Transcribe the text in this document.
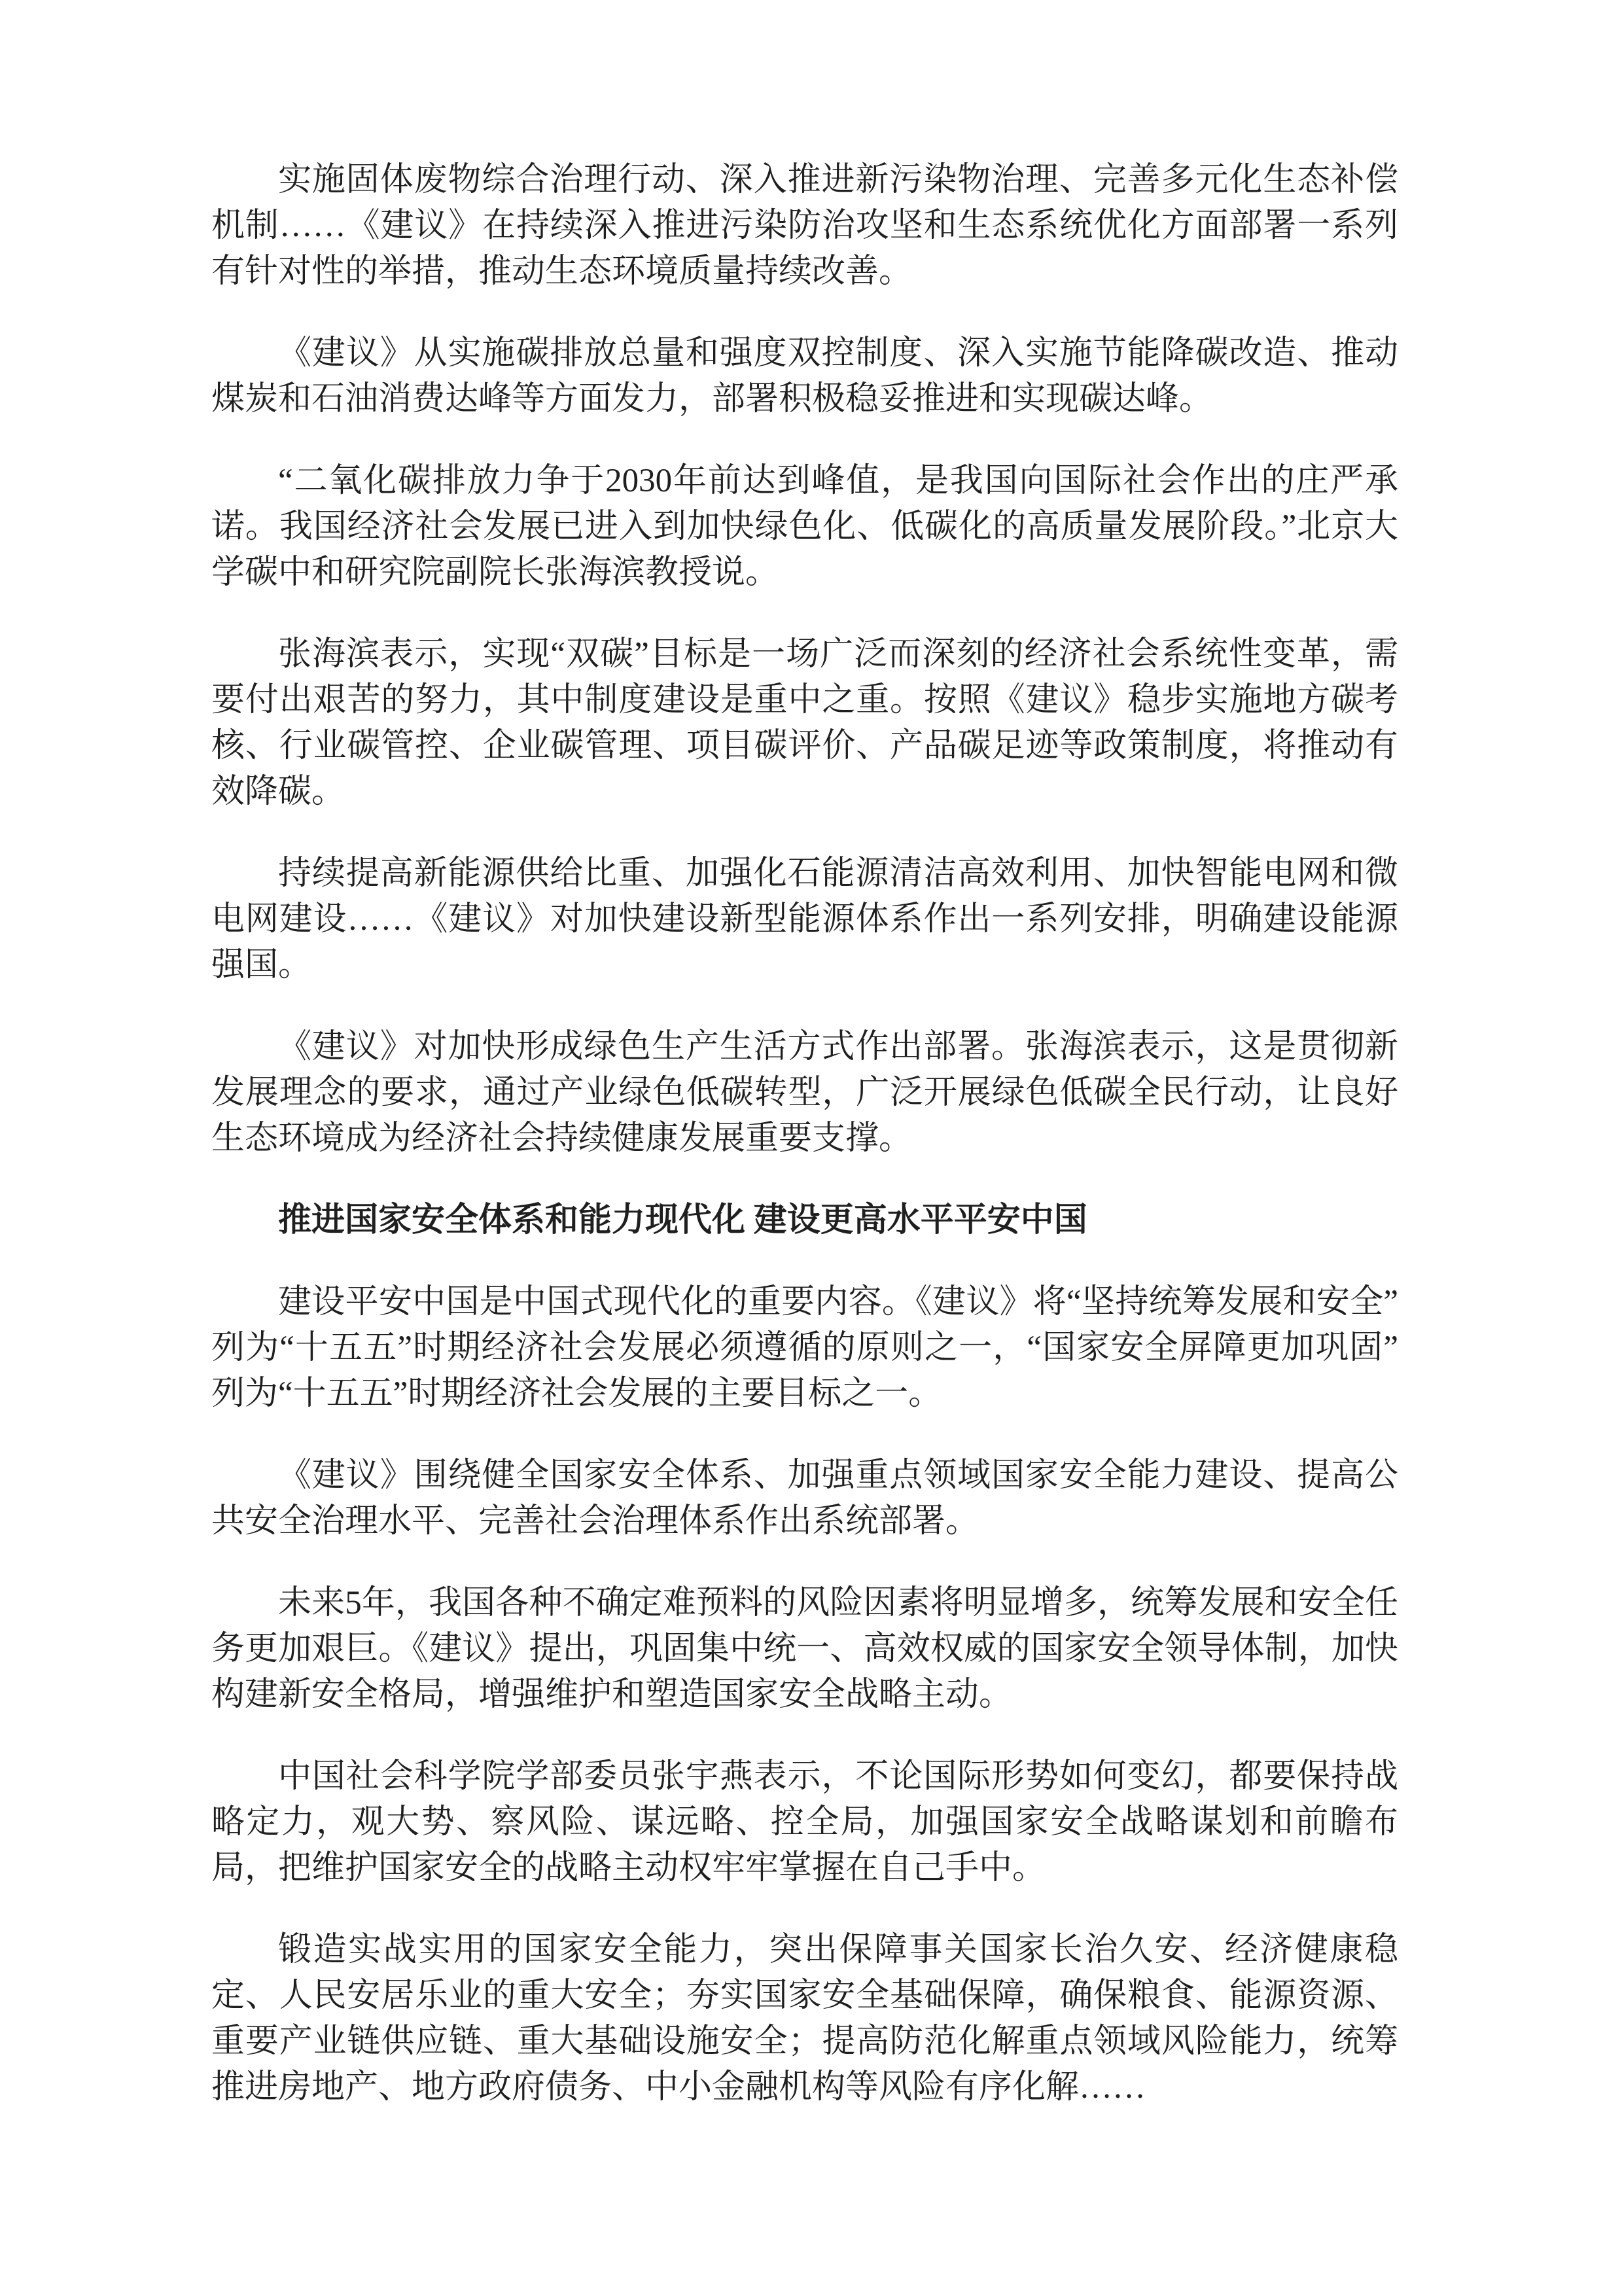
实施固体废物综合治理行动、深入推进新污染物治理、完善多元化生态补偿机制……《建议》在持续深入推进污染防治攻坚和生态系统优化方面部署一系列有针对性的举措，推动生态环境质量持续改善。

《建议》从实施碳排放总量和强度双控制度、深入实施节能降碳改造、推动煤炭和石油消费达峰等方面发力，部署积极稳妥推进和实现碳达峰。

“二氧化碳排放力争于2030年前达到峰值，是我国向国际社会作出的庄严承诺。我国经济社会发展已进入到加快绿色化、低碳化的高质量发展阶段。”北京大学碳中和研究院副院长张海滨教授说。

张海滨表示，实现“双碳”目标是一场广泛而深刻的经济社会系统性变革，需要付出艰苦的努力，其中制度建设是重中之重。按照《建议》稳步实施地方碳考核、行业碳管控、企业碳管理、项目碳评价、产品碳足迹等政策制度，将推动有效降碳。

持续提高新能源供给比重、加强化石能源清洁高效利用、加快智能电网和微电网建设……《建议》对加快建设新型能源体系作出一系列安排，明确建设能源强国。

《建议》对加快形成绿色生产生活方式作出部署。张海滨表示，这是贯彻新发展理念的要求，通过产业绿色低碳转型，广泛开展绿色低碳全民行动，让良好生态环境成为经济社会持续健康发展重要支撑。

推进国家安全体系和能力现代化 建设更高水平平安中国

建设平安中国是中国式现代化的重要内容。《建议》将“坚持统筹发展和安全”列为“十五五”时期经济社会发展必须遵循的原则之一，“国家安全屏障更加巩固”列为“十五五”时期经济社会发展的主要目标之一。

《建议》围绕健全国家安全体系、加强重点领域国家安全能力建设、提高公共安全治理水平、完善社会治理体系作出系统部署。

未来5年，我国各种不确定难预料的风险因素将明显增多，统筹发展和安全任务更加艰巨。《建议》提出，巩固集中统一、高效权威的国家安全领导体制，加快构建新安全格局，增强维护和塑造国家安全战略主动。

中国社会科学院学部委员张宇燕表示，不论国际形势如何变幻，都要保持战略定力，观大势、察风险、谋远略、控全局，加强国家安全战略谋划和前瞻布局，把维护国家安全的战略主动权牢牢掌握在自己手中。

锻造实战实用的国家安全能力，突出保障事关国家长治久安、经济健康稳定、人民安居乐业的重大安全；夯实国家安全基础保障，确保粮食、能源资源、重要产业链供应链、重大基础设施安全；提高防范化解重点领域风险能力，统筹推进房地产、地方政府债务、中小金融机构等风险有序化解……
